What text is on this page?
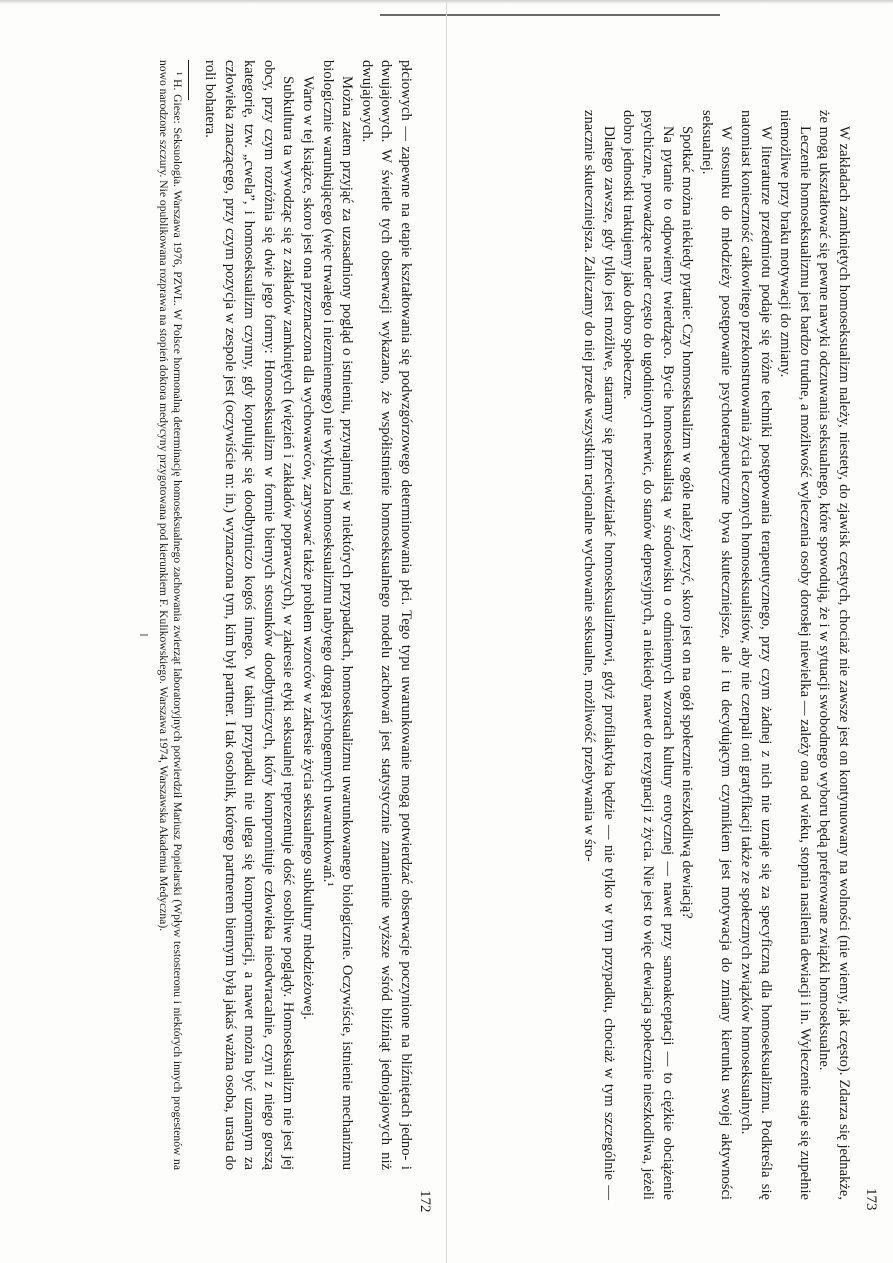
płciowych — zapewne na etapie kształtowania się podwzgórzowego determinowania płci. Tego typu uwarunkowanie mogą potwierdzać obserwacje poczynione na bliźniętach jedno- i dwujajowych. W świetle tych obserwacji wykazano, że współistnienie homoseksualnego modelu zachowań jest statystycznie znamiennie wyższe wśród bliźniąt jednojajowych niż dwujajowych.

Można zatem przyjąć za uzasadniony pogląd o istnieniu, przynajmniej w niektórych przypadkach, homoseksualizmu uwarunkowanego biologicznie. Oczywiście, istnienie mechanizmu biologicznie warunkującego (więc trwałego i niezmiennego) nie wyklucza homoseksualizmu nabytego drogą psychogennych uwarunkowań.¹

Warto w tej książce, skoro jest ona przeznaczona dla wychowawców, zarysować także problem wzorców w zakresie życia seksualnego subkultury młodzieżowej.

Subkultura ta wywodząc się z zakładów zamkniętych (więzień i zakładów poprawczych), w zakresie etyki seksualnej reprezentuje dość osobliwe poglądy. Homoseksualizm nie jest jej obcy, przy czym rozróżnia się dwie jego formy: Homoseksualizm w formie biernych stosunków doodbytniczych, który kompromituje człowieka nieodwracalnie, czyni z niego gorszą kategorię, tzw. „cwela”, i homoseksualizm czynny, gdy kopulując się doodbytniczo kogoś innego. W takim przypadku nie ulega się kompromitacji, a nawet można być uznanym za człowieka znaczącego, przy czym pozycja w zespole jest (oczywiście m: in.) wyznaczona tym, kim był partner. I tak osobnik, którego partnerem biernym była jakaś ważna osoba, urasta do roli bohatera.

¹ H. Giese: Seksuologia. Warszawa 1976, PZWL. W Polsce hormonalną determinację homoseksualnego zachowania zwierząt laboratoryjnych potwierdził Mariusz Popielarski (Wpływ testosteronu i niektórych innych progestenów na nowo narodzone szczury. Nie opublikowana rozprawa na stopień doktora medycyny przygotowana pod kierunkiem F. Kulikowskiego. Warszawa 1974, Warszawska Akademia Medyczna).

172

W zakładach zamkniętych homoseksualizm należy, niestety, do zjawisk częstych, chociaż nie zawsze jest on kontynuowany na wolności (nie wiemy, jak często). Zdarza się jednakże, że mogą ukształtować się pewne nawyki odczuwania seksualnego, które spowodują, że i w sytuacji swobodnego wyboru będą preferowane związki homoseksualne.

Leczenie homoseksualizmu jest bardzo trudne, a możliwość wyleczenia osoby dorosłej niewielka — zależy ona od wieku, stopnia nasilenia dewiacji i in. Wyleczenie staje się zupełnie niemożliwe przy braku motywacji do zmiany.

W literaturze przedmiotu podaje się różne techniki postępowania terapeutycznego, przy czym żadnej z nich nie uznaje się za specyficzną dla homoseksualizmu. Podkreśla się natomiast konieczność całkowitego przekonstruowania życia leczonych homoseksualistów, aby nie czerpali oni gratyfikacji także ze społecznych związków homoseksualnych.

W stosunku do młodzieży postępowanie psychoterapeutyczne bywa skuteczniejsze, ale i tu decydującym czynnikiem jest motywacja do zmiany kierunku swojej aktywności seksualnej.

Spotkać można niekiedy pytanie: Czy homoseksualizm w ogóle należy leczyć, skoro jest on na ogół społecznie nieszkodliwą dewiacją?

Na pytanie to odpowiemy twierdząco. Bycie homoseksualistą w środowisku o odmiennych wzorach kultury erotycznej — nawet przy samoakceptacji — to ciężkie obciążenie psychiczne, prowadzące nader często do ugodnionych nerwic, do stanów depresyjnych, a niekiedy nawet do rezygnacji z życia. Nie jest to więc dewiacja społecznie nieszkodliwa, jeżeli dobro jednostki traktujemy jako dobro społeczne.

Dlatego zawsze, gdy tylko jest możliwe, staramy się przeciwdziałać homoseksualizmowi, gdyż profilaktyka będzie — nie tylko w tym przypadku, chociaż w tym szczególnie — znacznie skuteczniejsza. Zaliczamy do niej przede wszystkim racjonalne wychowanie seksualne, możliwość przebywania w śro-

173
